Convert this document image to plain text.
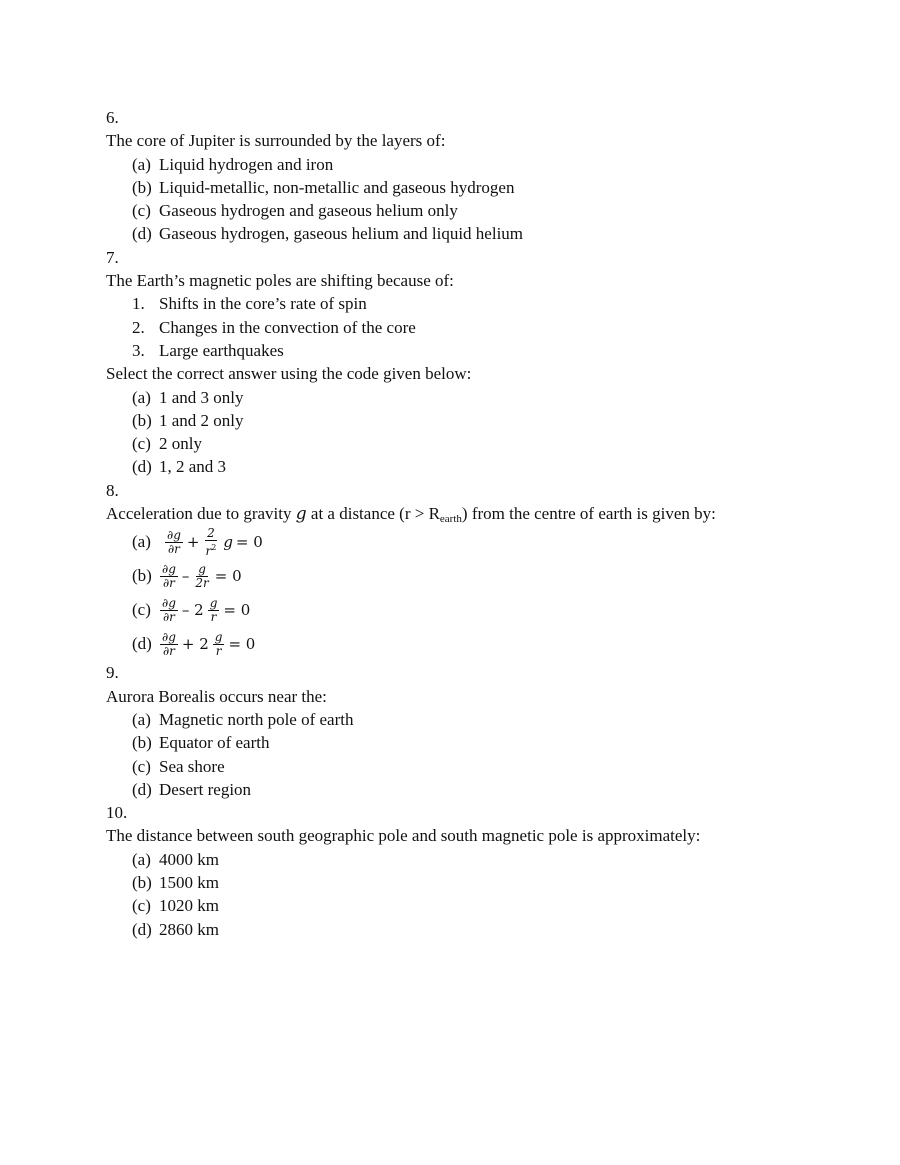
6.
The core of Jupiter is surrounded by the layers of:
(a) Liquid hydrogen and iron
(b) Liquid-metallic, non-metallic and gaseous hydrogen
(c) Gaseous hydrogen and gaseous helium only
(d) Gaseous hydrogen, gaseous helium and liquid helium
7.
The Earth’s magnetic poles are shifting because of:
1. Shifts in the core’s rate of spin
2. Changes in the convection of the core
3. Large earthquakes
Select the correct answer using the code given below:
(a) 1 and 3 only
(b) 1 and 2 only
(c) 2 only
(d) 1, 2 and 3
8.
Acceleration due to gravity g at a distance $(r > R_{earth})$ from the centre of earth is given by:
(a)	$\frac{\partial g}{\partial r} + \frac{2}{r^2}$ g = 0
$(b) \frac{\partial g}{\partial r} - \frac{g}{2r} = 0$
$(c) \frac{\partial g}{\partial r} - 2 \frac{g}{r} = 0$
$(d) \frac{\partial g}{\partial r} + 2 \frac{g}{r} = 0$
9.
Aurora Borealis occurs near the:
(a) Magnetic north pole of earth
(b) Equator of earth
(c) Sea shore
(d) Desert region
10.
The distance between south geographic pole and south magnetic pole is approximately:
(a) 4000 km
(b) 1500 km
(c) 1020 km
(d) 2860 km
